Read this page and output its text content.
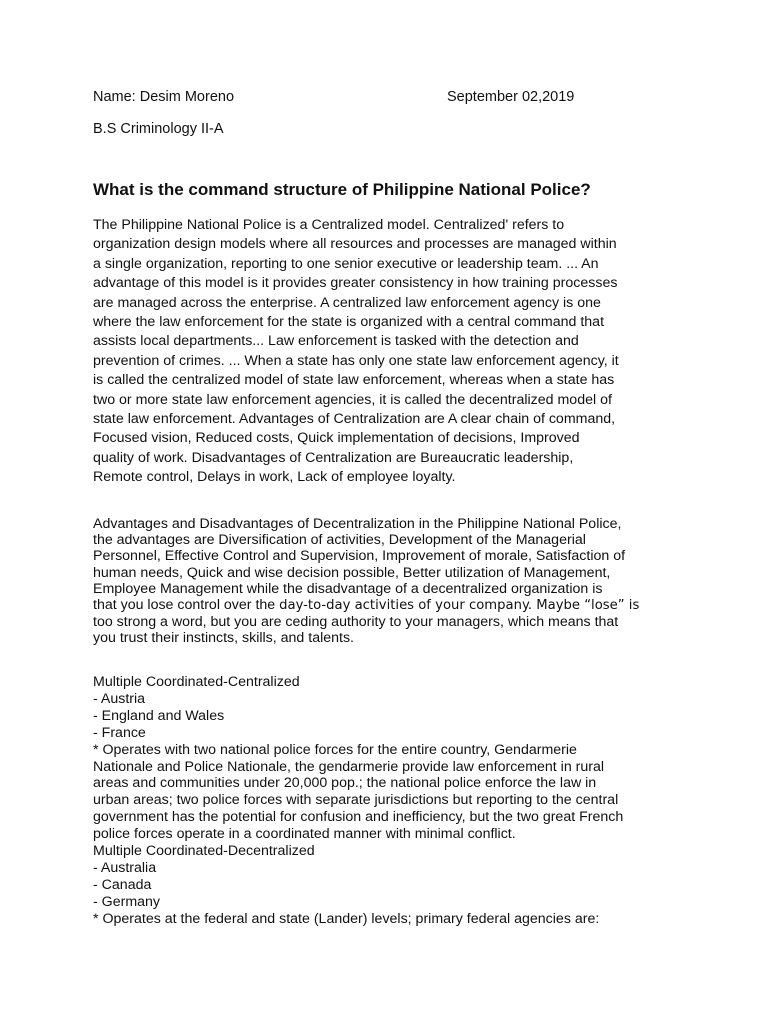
Name: Desim Moreno	September 02,2019
B.S Criminology II-A
What is the command structure of Philippine National Police?
The Philippine National Police is a Centralized model. Centralized' refers to
organization design models where all resources and processes are managed within
a single organization, reporting to one senior executive or leadership team. ... An
advantage of this model is it provides greater consistency in how training processes
are managed across the enterprise. A centralized law enforcement agency is one
where the law enforcement for the state is organized with a central command that
assists local departments... Law enforcement is tasked with the detection and
prevention of crimes. ... When a state has only one state law enforcement agency, it
is called the centralized model of state law enforcement, whereas when a state has
two or more state law enforcement agencies, it is called the decentralized model of
state law enforcement. Advantages of Centralization are A clear chain of command,
Focused vision, Reduced costs, Quick implementation of decisions, Improved
quality of work. Disadvantages of Centralization are Bureaucratic leadership,
Remote control, Delays in work, Lack of employee loyalty.
Advantages and Disadvantages of Decentralization in the Philippine National Police,
the advantages are Diversification of activities, Development of the Managerial
Personnel, Effective Control and Supervision, Improvement of morale, Satisfaction of
human needs, Quick and wise decision possible, Better utilization of Management,
Employee Management while the disadvantage of a decentralized organization is
that you lose control over the day-to-day activities of your company. Maybe “lose” is
too strong a word, but you are ceding authority to your managers, which means that
you trust their instincts, skills, and talents.
Multiple Coordinated-Centralized
- Austria
- England and Wales
- France
* Operates with two national police forces for the entire country, Gendarmerie
Nationale and Police Nationale, the gendarmerie provide law enforcement in rural
areas and communities under 20,000 pop.; the national police enforce the law in
urban areas; two police forces with separate jurisdictions but reporting to the central
government has the potential for confusion and inefficiency, but the two great French
police forces operate in a coordinated manner with minimal conflict.
Multiple Coordinated-Decentralized
- Australia
- Canada
- Germany
* Operates at the federal and state (Lander) levels; primary federal agencies are:
